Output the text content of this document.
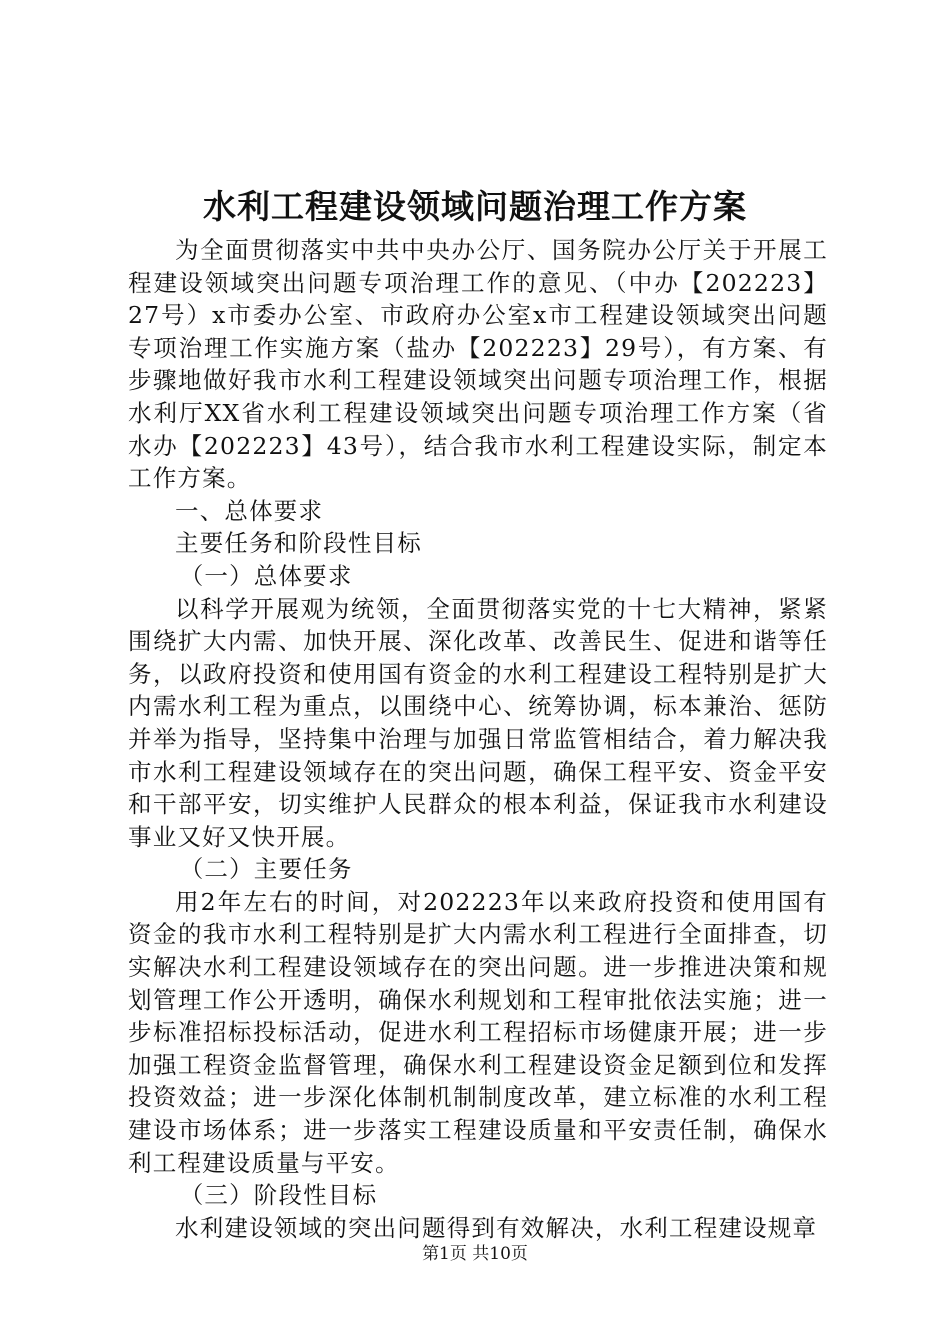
水利工程建设领域问题治理工作方案

为全面贯彻落实中共中央办公厅、国务院办公厅关于开展工程建设领域突出问题专项治理工作的意见、（中办【202223】27号）x市委办公室、市政府办公室x市工程建设领域突出问题专项治理工作实施方案（盐办【202223】29号），有方案、有步骤地做好我市水利工程建设领域突出问题专项治理工作，根据水利厅XX省水利工程建设领域突出问题专项治理工作方案（省水办【202223】43号），结合我市水利工程建设实际，制定本工作方案。

一、总体要求

主要任务和阶段性目标

（一）总体要求

以科学开展观为统领，全面贯彻落实党的十七大精神，紧紧围绕扩大内需、加快开展、深化改革、改善民生、促进和谐等任务，以政府投资和使用国有资金的水利工程建设工程特别是扩大内需水利工程为重点，以围绕中心、统筹协调，标本兼治、惩防并举为指导，坚持集中治理与加强日常监管相结合，着力解决我市水利工程建设领域存在的突出问题，确保工程平安、资金平安和干部平安，切实维护人民群众的根本利益，保证我市水利建设事业又好又快开展。

（二）主要任务

用2年左右的时间，对202223年以来政府投资和使用国有资金的我市水利工程特别是扩大内需水利工程进行全面排查，切实解决水利工程建设领域存在的突出问题。进一步推进决策和规划管理工作公开透明，确保水利规划和工程审批依法实施；进一步标准招标投标活动，促进水利工程招标市场健康开展；进一步加强工程资金监督管理，确保水利工程建设资金足额到位和发挥投资效益；进一步深化体制机制制度改革，建立标准的水利工程建设市场体系；进一步落实工程建设质量和平安责任制，确保水利工程建设质量与平安。

（三）阶段性目标

水利建设领域的突出问题得到有效解决，水利工程建设规章

第1页 共10页
